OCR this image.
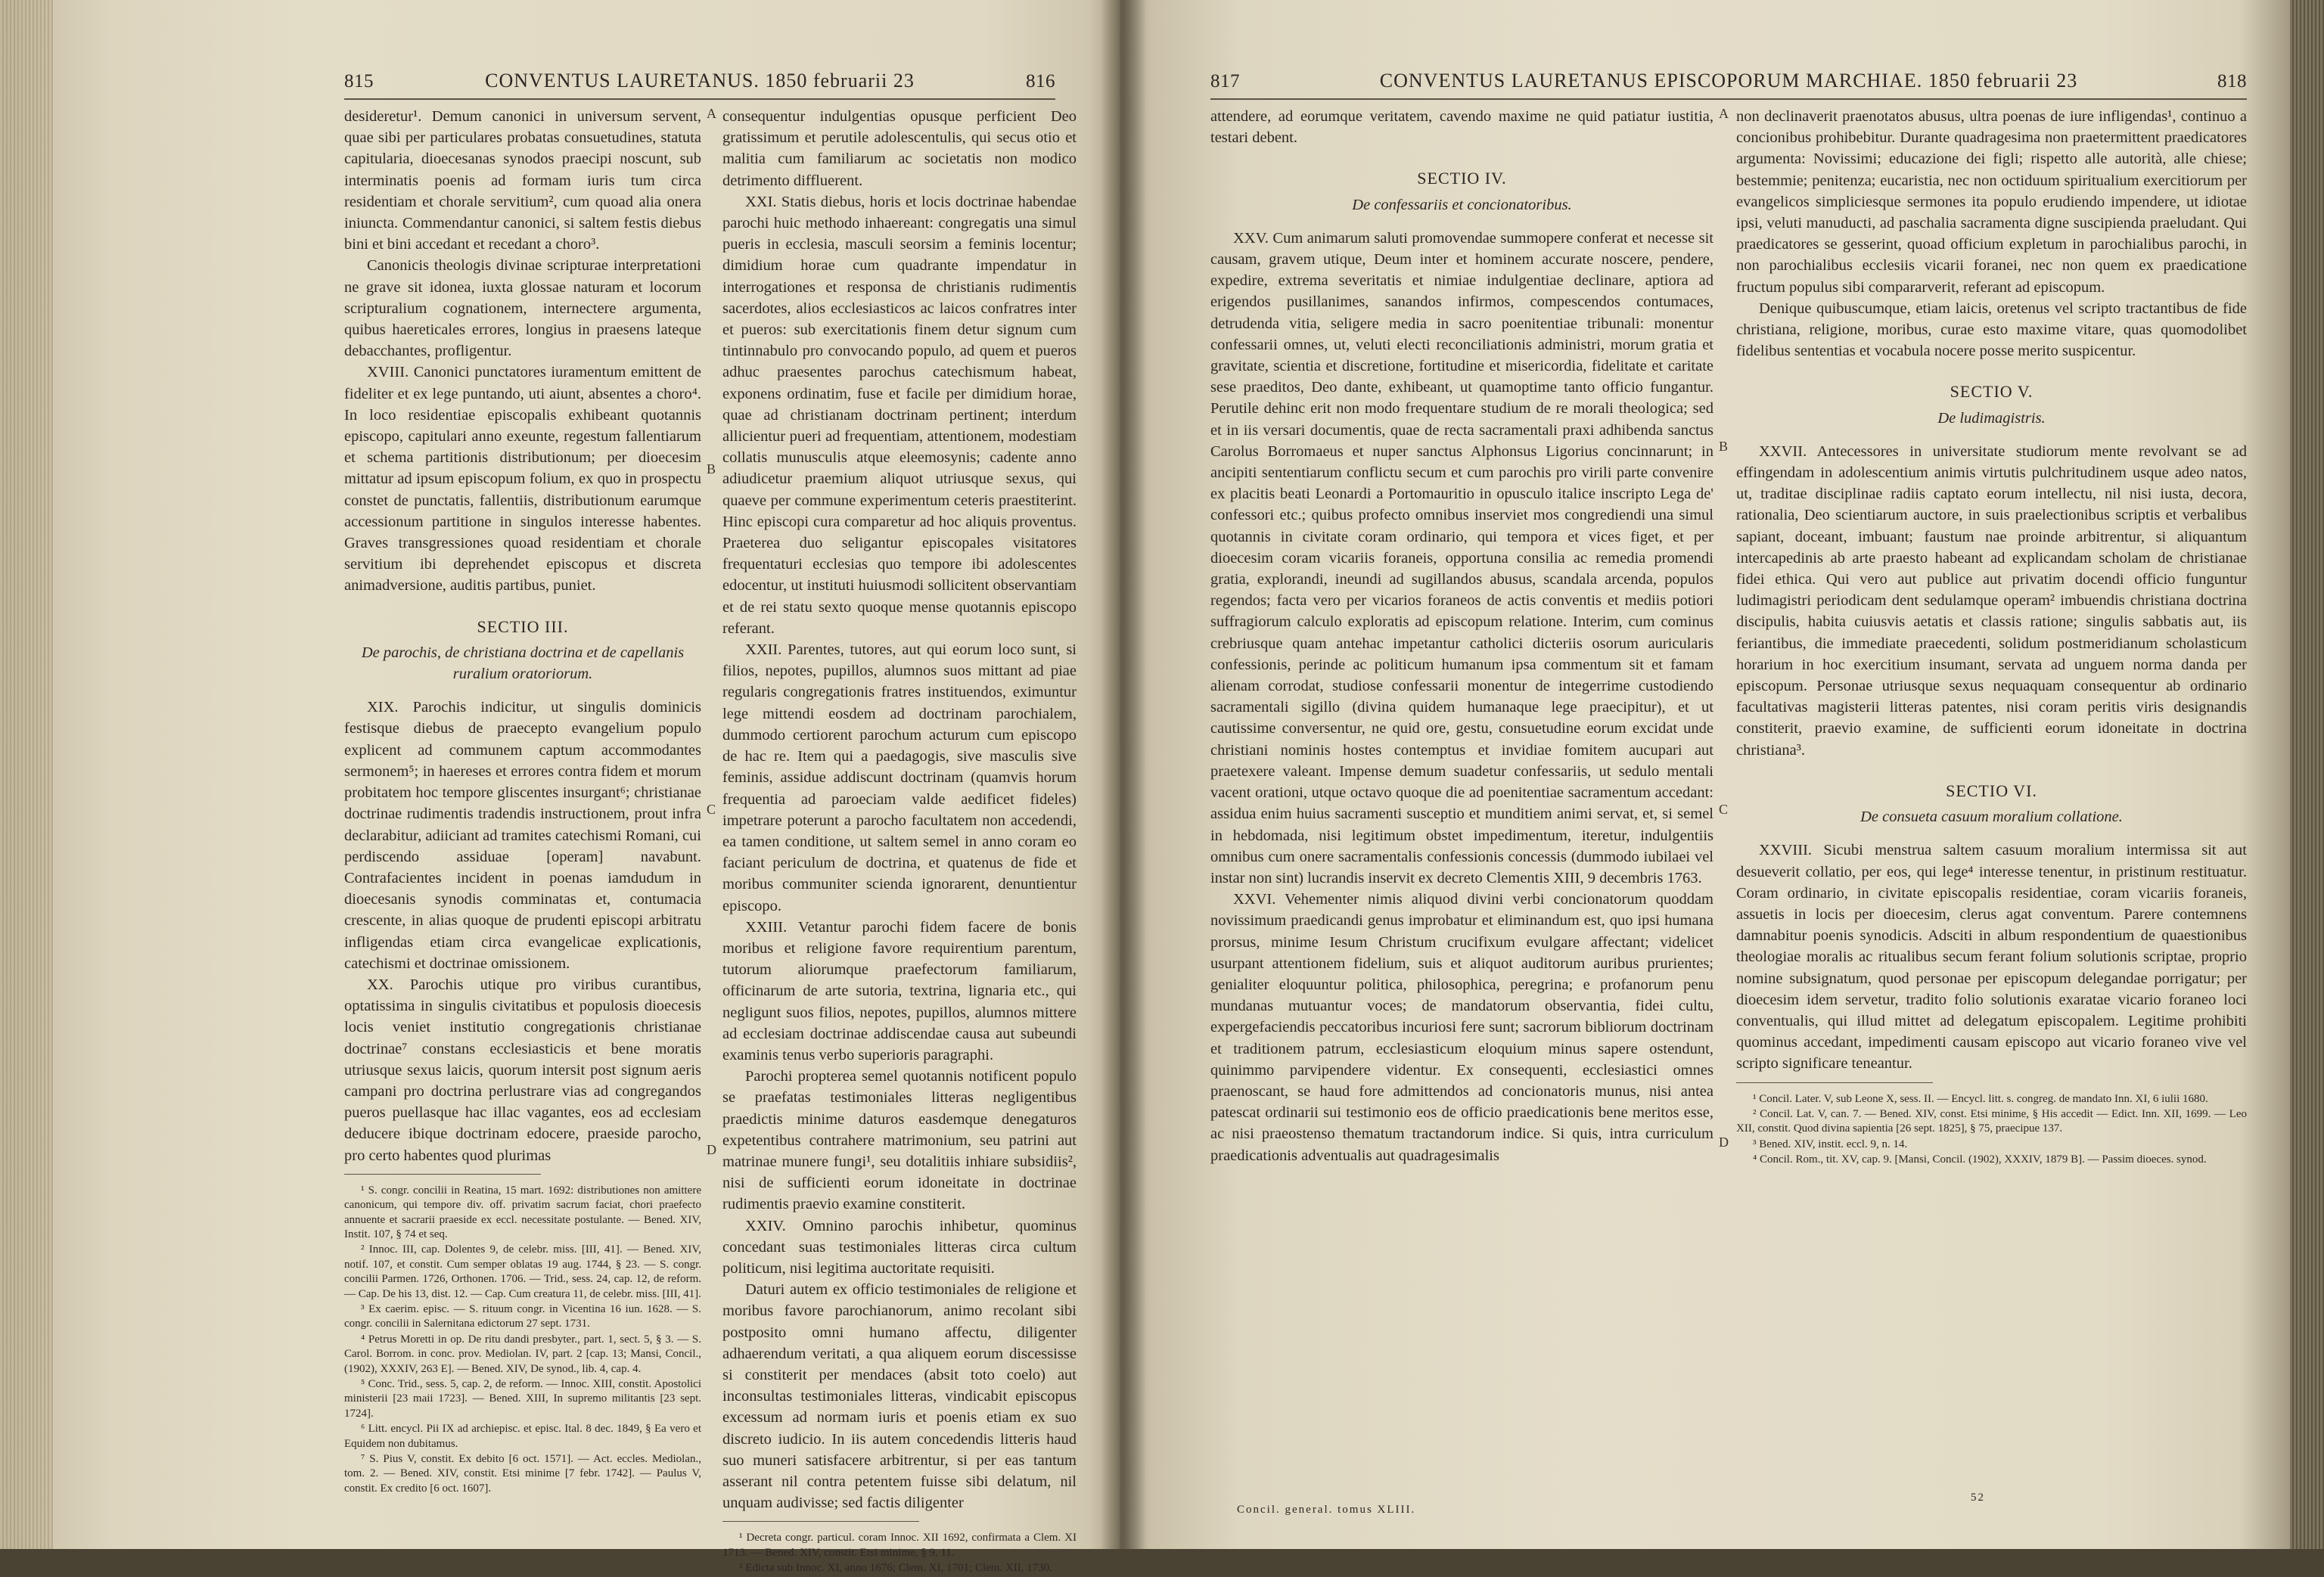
815	CONVENTUS LAURETANUS. 1850 februarii 23	816

desideretur¹. Demum canonici in universum servent, quae sibi per particulares probatas consuetudines, statuta capitularia, dioecesanas synodos praecipi noscunt, sub interminatis poenis ad formam iuris tum circa residentiam et chorale servitium², cum quoad alia onera iniuncta. Commendantur canonici, si saltem festis diebus bini et bini accedant et recedant a choro³.

Canonicis theologis divinae scripturae interpretationi ne grave sit idonea, iuxta glossae naturam et locorum scripturalium cognationem, internectere argumenta, quibus haereticales errores, longius in praesens lateque debacchantes, profligentur.

XVIII. Canonici punctatores iuramentum emittent de fideliter et ex lege puntando, uti aiunt, absentes a choro⁴. In loco residentiae episcopalis exhibeant quotannis episcopo, capitulari anno exeunte, regestum fallentiarum et schema partitionis distributionum; per dioecesim mittatur ad ipsum episcopum folium, ex quo in prospectu constet de punctatis, fallentiis, distributionum earumque accessionum partitione in singulos interesse habentes. Graves transgressiones quoad residentiam et chorale servitium ibi deprehendet episcopus et discreta animadversione, auditis partibus, puniet.

SECTIO III.
De parochis, de christiana doctrina et de capellanis ruralium oratoriorum.

XIX. Parochis indicitur, ut singulis dominicis festisque diebus de praecepto evangelium populo explicent ad communem captum accommodantes sermonem⁵; in haereses et errores contra fidem et morum probitatem hoc tempore gliscentes insurgant⁶; christianae doctrinae rudimentis tradendis instructionem, prout infra declarabitur, adiiciant ad tramites catechismi Romani, cui perdiscendo assiduae [operam] navabunt. Contrafacientes incident in poenas iamdudum in dioecesanis synodis comminatas et, contumacia crescente, in alias quoque de prudenti episcopi arbitratu infligendas etiam circa evangelicae explicationis, catechismi et doctrinae omissionem.

XX. Parochis utique pro viribus curantibus, optatissima in singulis civitatibus et populosis dioecesis locis veniet institutio congregationis christianae doctrinae⁷ constans ecclesiasticis et bene moratis utriusque sexus laicis, quorum intersit post signum aeris campani pro doctrina perlustrare vias ad congregandos pueros puellasque hac illac vagantes, eos ad ecclesiam deducere ibique doctrinam edocere, praeside parocho, pro certo habentes quod plurimas

¹ S. congr. concilii in Reatina, 15 mart. 1692: distributiones non amittere canonicum, qui tempore div. off. privatim sacrum faciat, chori praefecto annuente et sacrarii praeside ex eccl. necessitate postulante. — Bened. XIV, Instit. 107, § 74 et seq.

² Innoc. III, cap. Dolentes 9, de celebr. miss. [III, 41]. — Bened. XIV, notif. 107, et constit. Cum semper oblatas 19 aug. 1744, § 23. — S. congr. concilii Parmen. 1726, Orthonen. 1706. — Trid., sess. 24, cap. 12, de reform. — Cap. De his 13, dist. 12. — Cap. Cum creatura 11, de celebr. miss. [III, 41].

³ Ex caerim. episc. — S. rituum congr. in Vicentina 16 iun. 1628. — S. congr. concilii in Salernitana edictorum 27 sept. 1731.

⁴ Petrus Moretti in op. De ritu dandi presbyter., part. 1, sect. 5, § 3. — S. Carol. Borrom. in conc. prov. Mediolan. IV, part. 2 [cap. 13; Mansi, Concil., (1902), XXXIV, 263 E]. — Bened. XIV, De synod., lib. 4, cap. 4.

⁵ Conc. Trid., sess. 5, cap. 2, de reform. — Innoc. XIII, constit. Apostolici ministerii [23 maii 1723]. — Bened. XIII, In supremo militantis [23 sept. 1724].

⁶ Litt. encycl. Pii IX ad archiepisc. et episc. Ital. 8 dec. 1849, § Ea vero et Equidem non dubitamus.

⁷ S. Pius V, constit. Ex debito [6 oct. 1571]. — Act. eccles. Mediolan., tom. 2. — Bened. XIV, constit. Etsi minime [7 febr. 1742]. — Paulus V, constit. Ex credito [6 oct. 1607].

A
B
C
D

consequentur indulgentias opusque perficient Deo gratissimum et perutile adolescentulis, qui secus otio et malitia cum familiarum ac societatis non modico detrimento diffluerent.

XXI. Statis diebus, horis et locis doctrinae habendae parochi huic methodo inhaereant: congregatis una simul pueris in ecclesia, masculi seorsim a feminis locentur; dimidium horae cum quadrante impendatur in interrogationes et responsa de christianis rudimentis sacerdotes, alios ecclesiasticos ac laicos confratres inter et pueros: sub exercitationis finem detur signum cum tintinnabulo pro convocando populo, ad quem et pueros adhuc praesentes parochus catechismum habeat, exponens ordinatim, fuse et facile per dimidium horae, quae ad christianam doctrinam pertinent; interdum allicientur pueri ad frequentiam, attentionem, modestiam collatis munusculis atque eleemosynis; cadente anno adiudicetur praemium aliquot utriusque sexus, qui quaeve per commune experimentum ceteris praestiterint. Hinc episcopi cura comparetur ad hoc aliquis proventus. Praeterea duo seligantur episcopales visitatores frequentaturi ecclesias quo tempore ibi adolescentes edocentur, ut instituti huiusmodi sollicitent observantiam et de rei statu sexto quoque mense quotannis episcopo referant.

XXII. Parentes, tutores, aut qui eorum loco sunt, si filios, nepotes, pupillos, alumnos suos mittant ad piae regularis congregationis fratres instituendos, eximuntur lege mittendi eosdem ad doctrinam parochialem, dummodo certiorent parochum acturum cum episcopo de hac re. Item qui a paedagogis, sive masculis sive feminis, assidue addiscunt doctrinam (quamvis horum frequentia ad paroeciam valde aedificet fideles) impetrare poterunt a parocho facultatem non accedendi, ea tamen conditione, ut saltem semel in anno coram eo faciant periculum de doctrina, et quatenus de fide et moribus communiter scienda ignorarent, denuntientur episcopo.

XXIII. Vetantur parochi fidem facere de bonis moribus et religione favore requirentium parentum, tutorum aliorumque praefectorum familiarum, officinarum de arte sutoria, textrina, lignaria etc., qui negligunt suos filios, nepotes, pupillos, alumnos mittere ad ecclesiam doctrinae addiscendae causa aut subeundi examinis tenus verbo superioris paragraphi.

Parochi propterea semel quotannis notificent populo se praefatas testimoniales litteras negligentibus praedictis minime daturos easdemque denegaturos expetentibus contrahere matrimonium, seu patrini aut matrinae munere fungi¹, seu dotalitiis inhiare subsidiis², nisi de sufficienti eorum idoneitate in doctrinae rudimentis praevio examine constiterit.

XXIV. Omnino parochis inhibetur, quominus concedant suas testimoniales litteras circa cultum politicum, nisi legitima auctoritate requisiti.

Daturi autem ex officio testimoniales de religione et moribus favore parochianorum, animo recolant sibi postposito omni humano affectu, diligenter adhaerendum veritati, a qua aliquem eorum discessisse si constiterit per mendaces (absit toto coelo) aut inconsultas testimoniales litteras, vindicabit episcopus excessum ad normam iuris et poenis etiam ex suo discreto iudicio. In iis autem concedendis litteris haud suo muneri satisfacere arbitrentur, si per eas tantum asserant nil contra petentem fuisse sibi delatum, nil unquam audivisse; sed factis diligenter

¹ Decreta congr. particul. coram Innoc. XII 1692, confirmata a Clem. XI 1713. — Bened. XIV, constit. Etsi minime, § 9, 11.

² Edicta sub Innoc. XI, anno 1676; Clem. XI, 1701; Clem. XII, 1730.

817	CONVENTUS LAURETANUS EPISCOPORUM MARCHIAE. 1850 februarii 23	818

attendere, ad eorumque veritatem, cavendo maxime ne quid patiatur iustitia, testari debent.

SECTIO IV.
De confessariis et concionatoribus.

XXV. Cum animarum saluti promovendae summopere conferat et necesse sit causam, gravem utique, Deum inter et hominem accurate noscere, pendere, expedire, extrema severitatis et nimiae indulgentiae declinare, aptiora ad erigendos pusillanimes, sanandos infirmos, compescendos contumaces, detrudenda vitia, seligere media in sacro poenitentiae tribunali: monentur confessarii omnes, ut, veluti electi reconciliationis administri, morum gratia et gravitate, scientia et discretione, fortitudine et misericordia, fidelitate et caritate sese praeditos, Deo dante, exhibeant, ut quamoptime tanto officio fungantur. Perutile dehinc erit non modo frequentare studium de re morali theologica; sed et in iis versari documentis, quae de recta sacramentali praxi adhibenda sanctus Carolus Borromaeus et nuper sanctus Alphonsus Ligorius concinnarunt; in ancipiti sententiarum conflictu secum et cum parochis pro virili parte convenire ex placitis beati Leonardi a Portomauritio in opusculo italice inscripto Lega de' confessori etc.; quibus profecto omnibus inserviet mos congrediendi una simul quotannis in civitate coram ordinario, qui tempora et vices figet, et per dioecesim coram vicariis foraneis, opportuna consilia ac remedia promendi gratia, explorandi, ineundi ad sugillandos abusus, scandala arcenda, populos regendos; facta vero per vicarios foraneos de actis conventis et mediis potiori suffragiorum calculo exploratis ad episcopum relatione. Interim, cum cominus crebriusque quam antehac impetantur catholici dicteriis osorum auricularis confessionis, perinde ac politicum humanum ipsa commentum sit et famam alienam corrodat, studiose confessarii monentur de integerrime custodiendo sacramentali sigillo (divina quidem humanaque lege praecipitur), et ut cautissime conversentur, ne quid ore, gestu, consuetudine eorum excidat unde christiani nominis hostes contemptus et invidiae fomitem aucupari aut praetexere valeant. Impense demum suadetur confessariis, ut sedulo mentali vacent orationi, utque octavo quoque die ad poenitentiae sacramentum accedant: assidua enim huius sacramenti susceptio et munditiem animi servat, et, si semel in hebdomada, nisi legitimum obstet impedimentum, iteretur, indulgentiis omnibus cum onere sacramentalis confessionis concessis (dummodo iubilaei vel instar non sint) lucrandis inservit ex decreto Clementis XIII, 9 decembris 1763.

XXVI. Vehementer nimis aliquod divini verbi concionatorum quoddam novissimum praedicandi genus improbatur et eliminandum est, quo ipsi humana prorsus, minime Iesum Christum crucifixum evulgare affectant; videlicet usurpant attentionem fidelium, suis et aliquot auditorum auribus prurientes; genialiter eloquuntur politica, philosophica, peregrina; e profanorum penu mundanas mutuantur voces; de mandatorum observantia, fidei cultu, expergefaciendis peccatoribus incuriosi fere sunt; sacrorum bibliorum doctrinam et traditionem patrum, ecclesiasticum eloquium minus sapere ostendunt, quinimmo parvipendere videntur. Ex consequenti, ecclesiastici omnes praenoscant, se haud fore admittendos ad concionatoris munus, nisi antea patescat ordinarii sui testimonio eos de officio praedicationis bene meritos esse, ac nisi praeostenso thematum tractandorum indice. Si quis, intra curriculum praedicationis adventualis aut quadragesimalis

Concil. general. tomus XLIII.
A
B
C
D

non declinaverit praenotatos abusus, ultra poenas de iure infligendas¹, continuo a concionibus prohibebitur. Durante quadragesima non praetermittent praedicatores argumenta: Novissimi; educazione dei figli; rispetto alle autorità, alle chiese; bestemmie; penitenza; eucaristia, nec non octiduum spiritualium exercitiorum per evangelicos simpliciesque sermones ita populo erudiendo impendere, ut idiotae ipsi, veluti manuducti, ad paschalia sacramenta digne suscipienda praeludant. Qui praedicatores se gesserint, quoad officium expletum in parochialibus parochi, in non parochialibus ecclesiis vicarii foranei, nec non quem ex praedicatione fructum populus sibi compararverit, referant ad episcopum.

Denique quibuscumque, etiam laicis, oretenus vel scripto tractantibus de fide christiana, religione, moribus, curae esto maxime vitare, quas quomodolibet fidelibus sententias et vocabula nocere posse merito suspicentur.

SECTIO V.
De ludimagistris.

XXVII. Antecessores in universitate studiorum mente revolvant se ad effingendam in adolescentium animis virtutis pulchritudinem usque adeo natos, ut, traditae disciplinae radiis captato eorum intellectu, nil nisi iusta, decora, rationalia, Deo scientiarum auctore, in suis praelectionibus scriptis et verbalibus sapiant, doceant, imbuant; faustum nae proinde arbitrentur, si aliquantum intercapedinis ab arte praesto habeant ad explicandam scholam de christianae fidei ethica. Qui vero aut publice aut privatim docendi officio funguntur ludimagistri periodicam dent sedulamque operam² imbuendis christiana doctrina discipulis, habita cuiusvis aetatis et classis ratione; singulis sabbatis aut, iis feriantibus, die immediate praecedenti, solidum postmeridianum scholasticum horarium in hoc exercitium insumant, servata ad unguem norma danda per episcopum. Personae utriusque sexus nequaquam consequentur ab ordinario facultativas magisterii litteras patentes, nisi coram peritis viris designandis constiterit, praevio examine, de sufficienti eorum idoneitate in doctrina christiana³.

SECTIO VI.
De consueta casuum moralium collatione.

XXVIII. Sicubi menstrua saltem casuum moralium intermissa sit aut desueverit collatio, per eos, qui lege⁴ interesse tenentur, in pristinum restituatur. Coram ordinario, in civitate episcopalis residentiae, coram vicariis foraneis, assuetis in locis per dioecesim, clerus agat conventum. Parere contemnens damnabitur poenis synodicis. Adsciti in album respondentium de quaestionibus theologiae moralis ac ritualibus secum ferant folium solutionis scriptae, proprio nomine subsignatum, quod personae per episcopum delegandae porrigatur; per dioecesim idem servetur, tradito folio solutionis exaratae vicario foraneo loci conventualis, qui illud mittet ad delegatum episcopalem. Legitime prohibiti quominus accedant, impedimenti causam episcopo aut vicario foraneo vive vel scripto significare teneantur.

¹ Concil. Later. V, sub Leone X, sess. II. — Encycl. litt. s. congreg. de mandato Inn. XI, 6 iulii 1680.

² Concil. Lat. V, can. 7. — Bened. XIV, const. Etsi minime, § His accedit — Edict. Inn. XII, 1699. — Leo XII, constit. Quod divina sapientia [26 sept. 1825], § 75, praecipue 137.

³ Bened. XIV, instit. eccl. 9, n. 14.

⁴ Concil. Rom., tit. XV, cap. 9. [Mansi, Concil. (1902), XXXIV, 1879 B]. — Passim dioeces. synod.

52
